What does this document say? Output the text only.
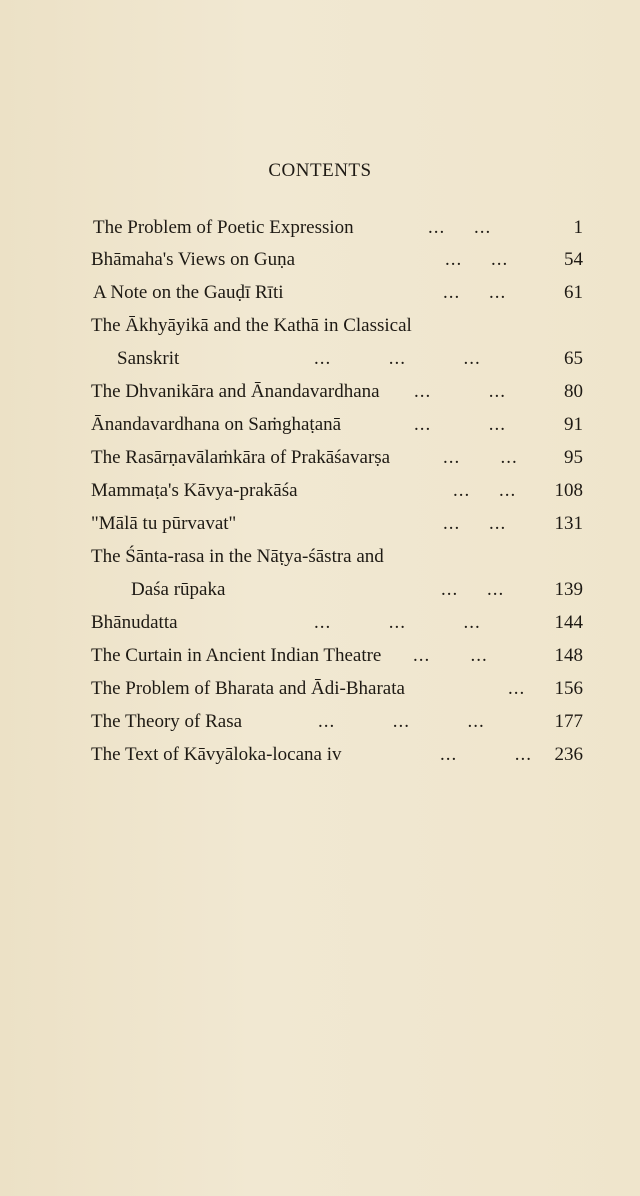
CONTENTS
The Problem of Poetic Expression	...     ...	1
Bhāmaha's Views on Guṇa	...     ...	54
A Note on the Gauḍī Rīti	...     ...	61
The Ākhyāyikā and the Kathā in Classical
Sanskrit	...          ...          ...	65
The Dhvanikāra and Ānandavardhana ...          ...	80
Ānandavardhana on Saṁghaṭanā	...          ...	91
The Rasārṇavālaṁkāra of Prakāśavarṣa	...       ...	95
Mammaṭa's Kāvya-prakāśa	...     ...	108
"Mālā tu pūrvavat"	...     ...	131
The Śānta-rasa in the Nāṭya-śāstra and
Daśa rūpaka	...     ...	139
Bhānudatta	...          ...          ...	144
The Curtain in Ancient Indian Theatre ...       ...	148
The Problem of Bharata and Ādi-Bharata	...	156
The Theory of Rasa	...          ...          ...	177
The Text of Kāvyāloka-locana iv	...          ...	236
